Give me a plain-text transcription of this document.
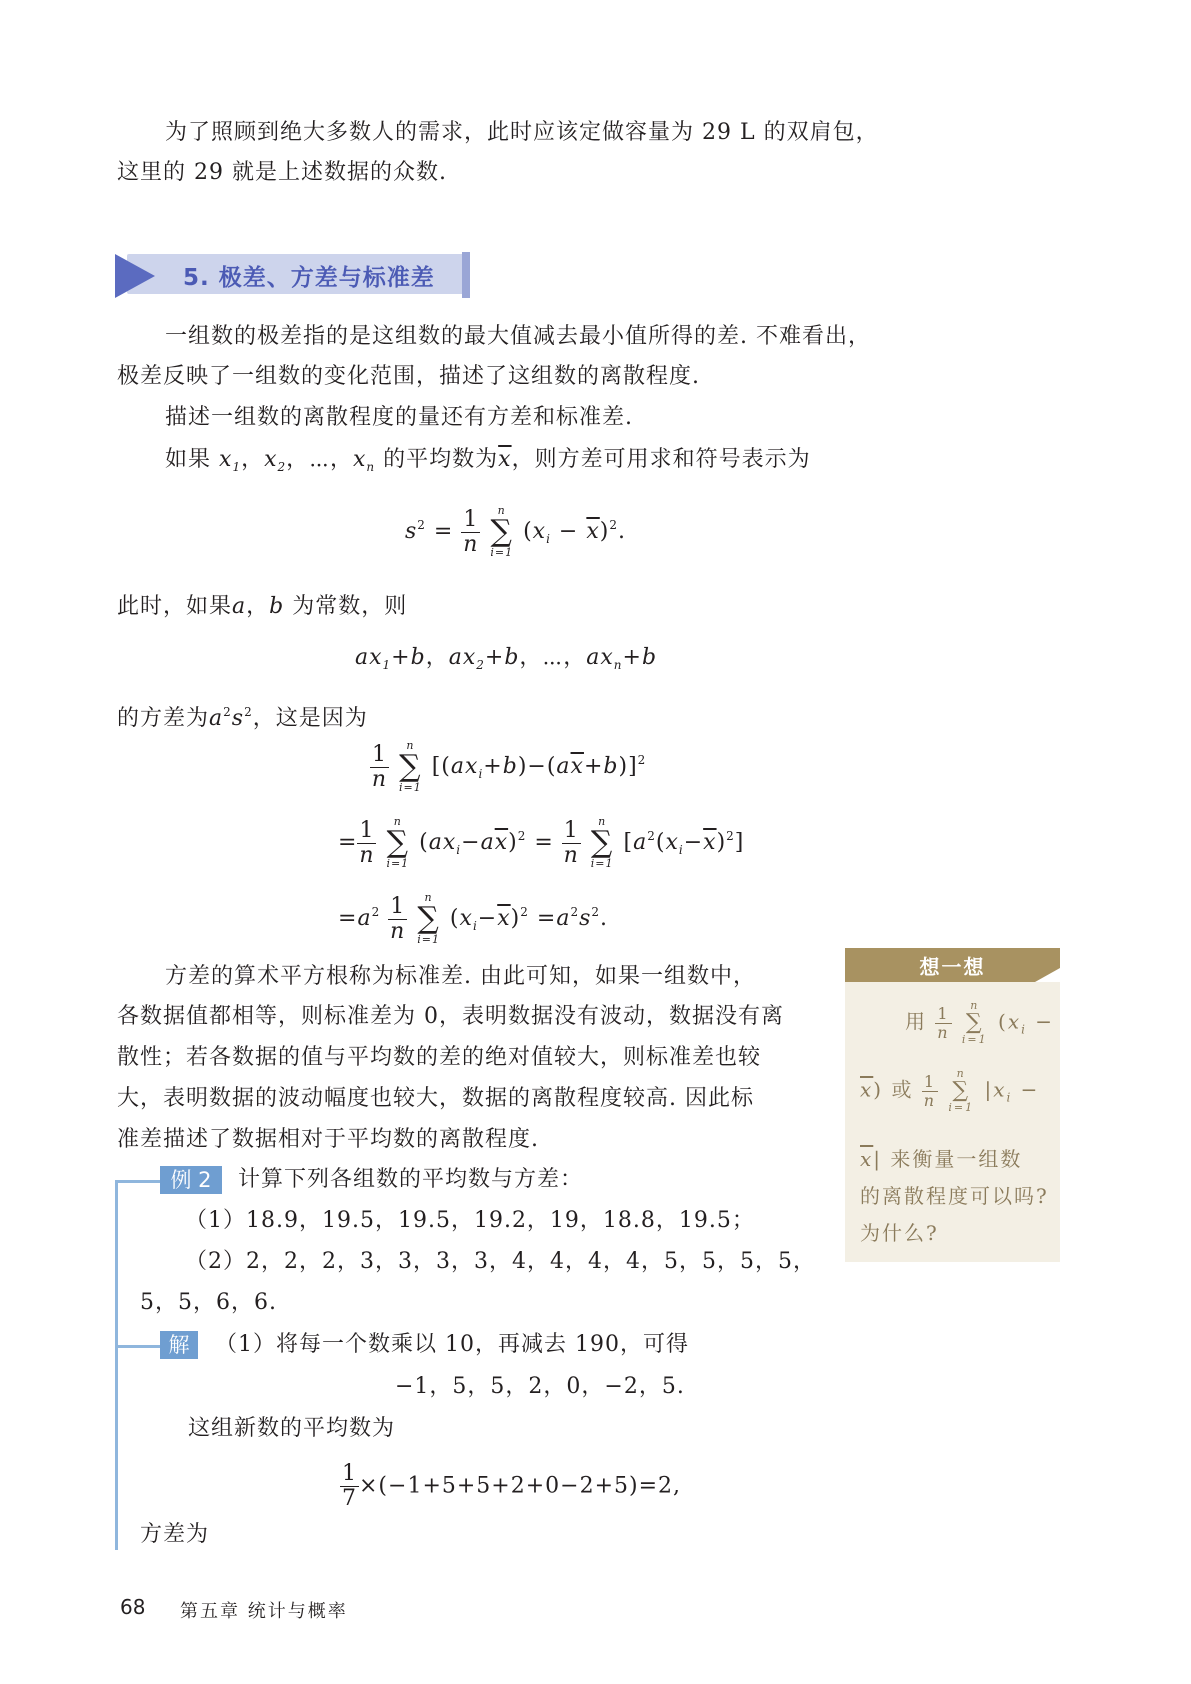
为了照顾到绝大多数人的需求，此时应该定做容量为 29 L 的双肩包，
这里的 29 就是上述数据的众数.
5. 极差、方差与标准差
一组数的极差指的是这组数的最大值减去最小值所得的差. 不难看出，
极差反映了一组数的变化范围，描述了这组数的离散程度.
描述一组数的离散程度的量还有方差和标准差.
如果 $x_1$，$x_2$，⋯，$x_n$ 的平均数为$\overline{x}$，则方差可用求和符号表示为
$s^2 = \frac{1}{n}$
	n
∑
i=1
$(x_i - \overline{x})^2$.
此时，如果a，b 为常数，则
$ax_1+b$，$ax_2+b$，⋯，$ax_n+b$
的方差为$a^2s^2$，这是因为
$\frac{1}{n}$
	n
∑
i=1
$[(ax_i+b)-(a\overline{x}+b)]^2$
= $\frac{1}{n}$
	n
∑
i=1
$(ax_i-a\overline{x})^2 = \frac{1}{n}$
	n
∑
i=1
$[a^2(x_i-\overline{x})^2]$
$=a^2 \frac{1}{n}$
	n
∑
i=1
$(x_i-\overline{x})^2 =a^2s^2$.
方差的算术平方根称为标准差. 由此可知，如果一组数中，
各数据值都相等，则标准差为 0，表明数据没有波动，数据没有离
散性；若各数据的值与平均数的差的绝对值较大，则标准差也较
大，表明数据的波动幅度也较大，数据的离散程度较高. 因此标
准差描述了数据相对于平均数的离散程度.
想一想
用 $\frac{1}{n}$
	n
∑
i=1
($x_i$ −
$\overline{x}$) 或 $\frac{1}{n}$
	n
∑
i=1
$|x_i$ −
$\overline{x}|$ 来衡量一组数
的离散程度可以吗?
为什么?
例 2	计算下列各组数的平均数与方差：
（1）18.9，19.5，19.5，19.2，19，18.8，19.5；
（2）2，2，2，3，3，3，3，4，4，4，4，5，5，5，5，
5，5，6，6.
解	（1）将每一个数乘以 10，再减去 190，可得
−1，5，5，2，0，−2，5.
这组新数的平均数为
$\frac{1}{7} \times(-1+5+5+2+0-2+5)=2$,
方差为
68 第五章 统计与概率
